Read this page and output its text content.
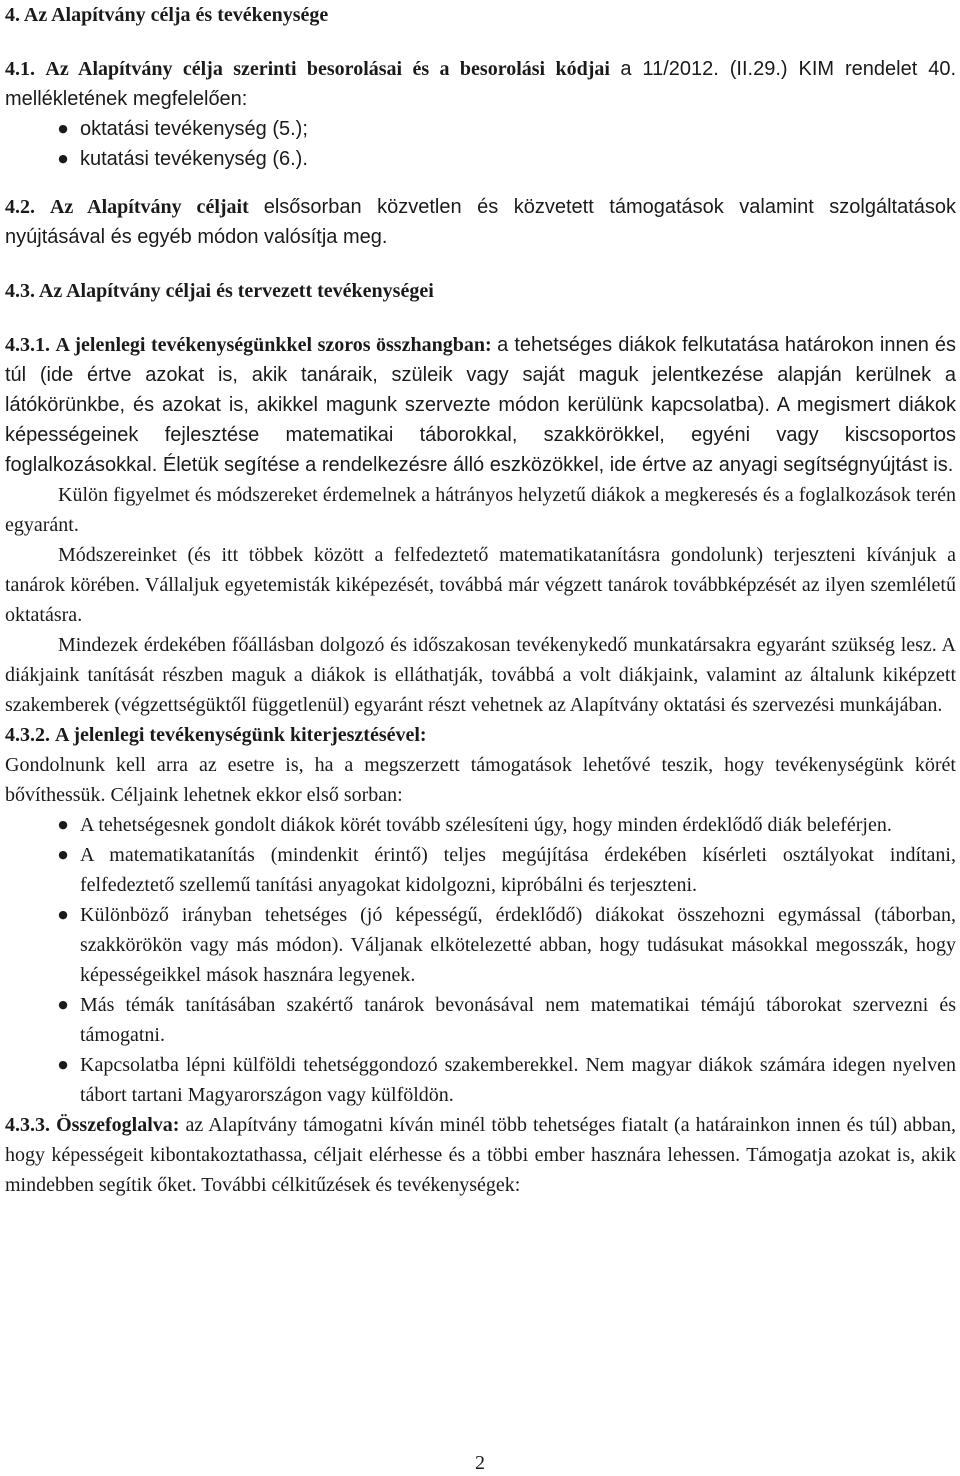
4. Az Alapítvány célja és tevékenysége

4.1. Az Alapítvány célja szerinti besorolásai és a besorolási kódjai a 11/2012. (II.29.) KIM rendelet 40. mellékletének megfelelően:

● oktatási tevékenység (5.);
● kutatási tevékenység (6.).

4.2. Az Alapítvány céljait elsősorban közvetlen és közvetett támogatások valamint szolgáltatások nyújtásával és egyéb módon valósítja meg.

4.3. Az Alapítvány céljai és tervezett tevékenységei

4.3.1. A jelenlegi tevékenységünkkel szoros összhangban: a tehetséges diákok felkutatása határokon innen és túl (ide értve azokat is, akik tanáraik, szüleik vagy saját maguk jelentkezése alapján kerülnek a látókörünkbe, és azokat is, akikkel magunk szervezte módon kerülünk kapcsolatba). A megismert diákok képességeinek fejlesztése matematikai táborokkal, szakkörökkel, egyéni vagy kiscsoportos foglalkozásokkal. Életük segítése a rendelkezésre álló eszközökkel, ide értve az anyagi segítségnyújtást is.

Külön figyelmet és módszereket érdemelnek a hátrányos helyzetű diákok a megkeresés és a foglalkozások terén egyaránt.

Módszereinket (és itt többek között a felfedeztető matematikatanításra gondolunk) terjeszteni kívánjuk a tanárok körében. Vállaljuk egyetemisták kiképezését, továbbá már végzett tanárok továbbképzését az ilyen szemléletű oktatásra.

Mindezek érdekében főállásban dolgozó és időszakosan tevékenykedő munkatársakra egyaránt szükség lesz. A diákjaink tanítását részben maguk a diákok is elláthatják, továbbá a volt diákjaink, valamint az általunk kiképzett szakemberek (végzettségüktől függetlenül) egyaránt részt vehetnek az Alapítvány oktatási és szervezési munkájában.

4.3.2. A jelenlegi tevékenységünk kiterjesztésével:

Gondolnunk kell arra az esetre is, ha a megszerzett támogatások lehetővé teszik, hogy tevékenységünk körét bővíthessük. Céljaink lehetnek ekkor első sorban:

● A tehetségesnek gondolt diákok körét tovább szélesíteni úgy, hogy minden érdeklődő diák beleférjen.
● A matematikatanítás (mindenkit érintő) teljes megújítása érdekében kísérleti osztályokat indítani, felfedeztető szellemű tanítási anyagokat kidolgozni, kipróbálni és terjeszteni.
● Különböző irányban tehetséges (jó képességű, érdeklődő) diákokat összehozni egymással (táborban, szakkörökön vagy más módon). Váljanak elkötelezetté abban, hogy tudásukat másokkal megosszák, hogy képességeikkel mások hasznára legyenek.
● Más témák tanításában szakértő tanárok bevonásával nem matematikai témájú táborokat szervezni és támogatni.
● Kapcsolatba lépni külföldi tehetséggondozó szakemberekkel. Nem magyar diákok számára idegen nyelven tábort tartani Magyarországon vagy külföldön.

4.3.3. Összefoglalva: az Alapítvány támogatni kíván minél több tehetséges fiatalt (a határainkon innen és túl) abban, hogy képességeit kibontakoztathassa, céljait elérhesse és a többi ember hasznára lehessen. Támogatja azokat is, akik mindebben segítik őket. További célkitűzések és tevékenységek:

2
